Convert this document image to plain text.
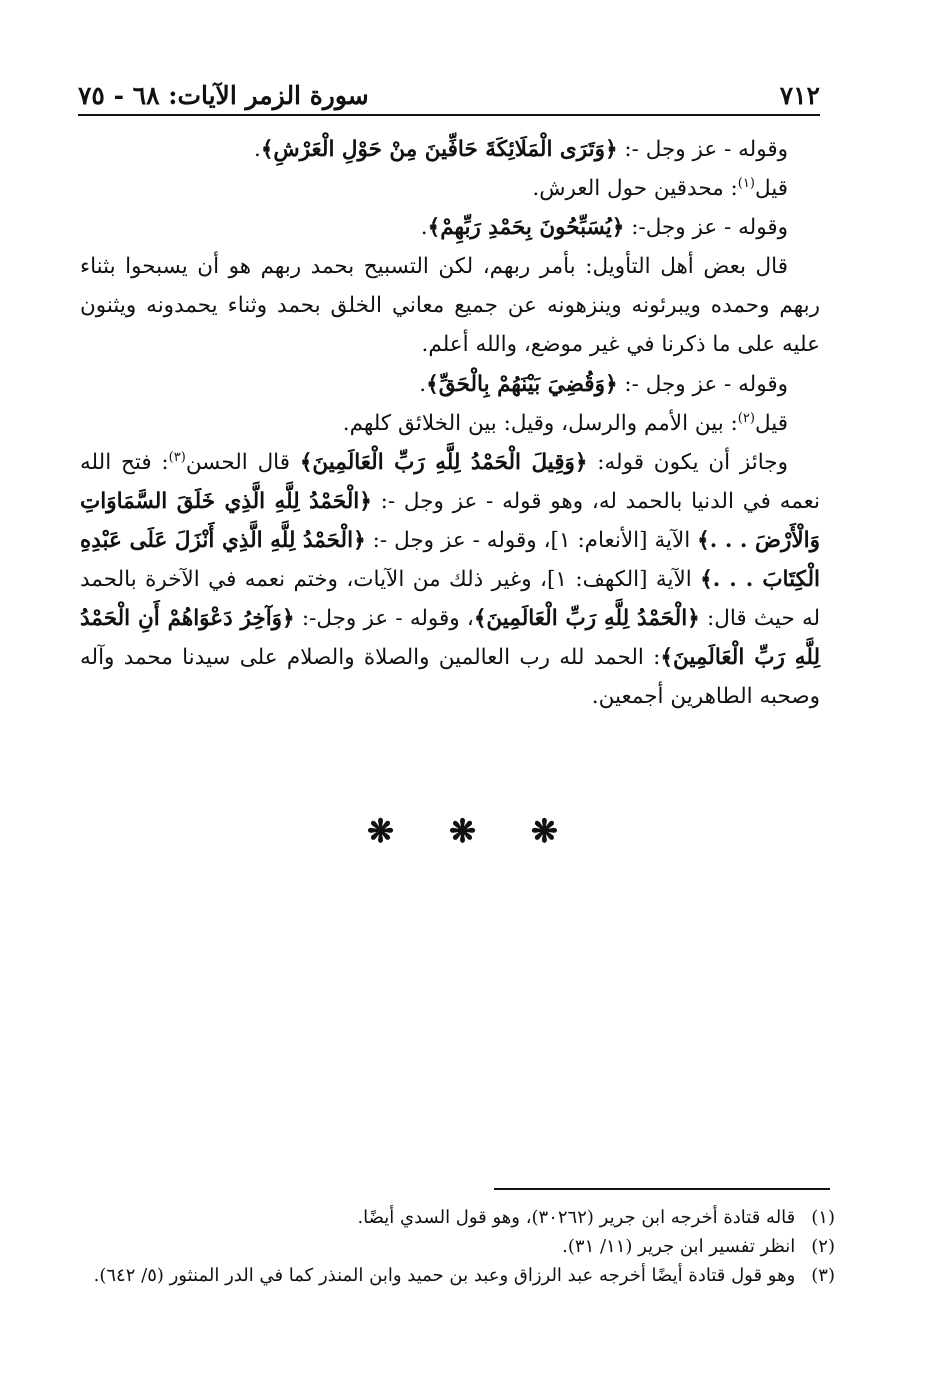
٧١٢
سورة الزمر الآيات: ٦٨ - ٧٥

وقوله - عز وجل -: ﴿وَتَرَى الْمَلَائِكَةَ حَافِّينَ مِنْ حَوْلِ الْعَرْشِ﴾.

قيل$^{(١)}$: محدقين حول العرش.

وقوله - عز وجل-: ﴿يُسَبِّحُونَ بِحَمْدِ رَبِّهِمْ﴾.

قال بعض أهل التأويل: بأمر ربهم، لكن التسبيح بحمد ربهم هو أن يسبحوا بثناء ربهم وحمده ويبرئونه وينزهونه عن جميع معاني الخلق بحمد وثناء يحمدونه ويثنون عليه على ما ذكرنا في غير موضع، والله أعلم.

وقوله - عز وجل -: ﴿وَقُضِيَ بَيْنَهُمْ بِالْحَقِّ﴾.

قيل$^{(٢)}$: بين الأمم والرسل، وقيل: بين الخلائق كلهم.

وجائز أن يكون قوله: ﴿وَقِيلَ الْحَمْدُ لِلَّهِ رَبِّ الْعَالَمِينَ﴾ قال الحسن$^{(٣)}$: فتح الله نعمه في الدنيا بالحمد له، وهو قوله - عز وجل -: ﴿الْحَمْدُ لِلَّهِ الَّذِي خَلَقَ السَّمَاوَاتِ وَالْأَرْضَ . . .﴾ الآية [الأنعام: ١]، وقوله - عز وجل -: ﴿الْحَمْدُ لِلَّهِ الَّذِي أَنْزَلَ عَلَى عَبْدِهِ الْكِتَابَ . . .﴾ الآية [الكهف: ١]، وغير ذلك من الآيات، وختم نعمه في الآخرة بالحمد له حيث قال: ﴿الْحَمْدُ لِلَّهِ رَبِّ الْعَالَمِينَ﴾، وقوله - عز وجل-: ﴿وَآخِرُ دَعْوَاهُمْ أَنِ الْحَمْدُ لِلَّهِ رَبِّ الْعَالَمِينَ﴾: الحمد لله رب العالمين والصلاة والصلام على سيدنا محمد وآله وصحبه الطاهرين أجمعين.

❋ ❋ ❋

(١) قاله قتادة أخرجه ابن جرير (٣٠٢٦٢)، وهو قول السدي أيضًا.

(٢) انظر تفسير ابن جرير (١١/ ٣١).

(٣) وهو قول قتادة أيضًا أخرجه عبد الرزاق وعبد بن حميد وابن المنذر كما في الدر المنثور (٥/ ٦٤٢).
